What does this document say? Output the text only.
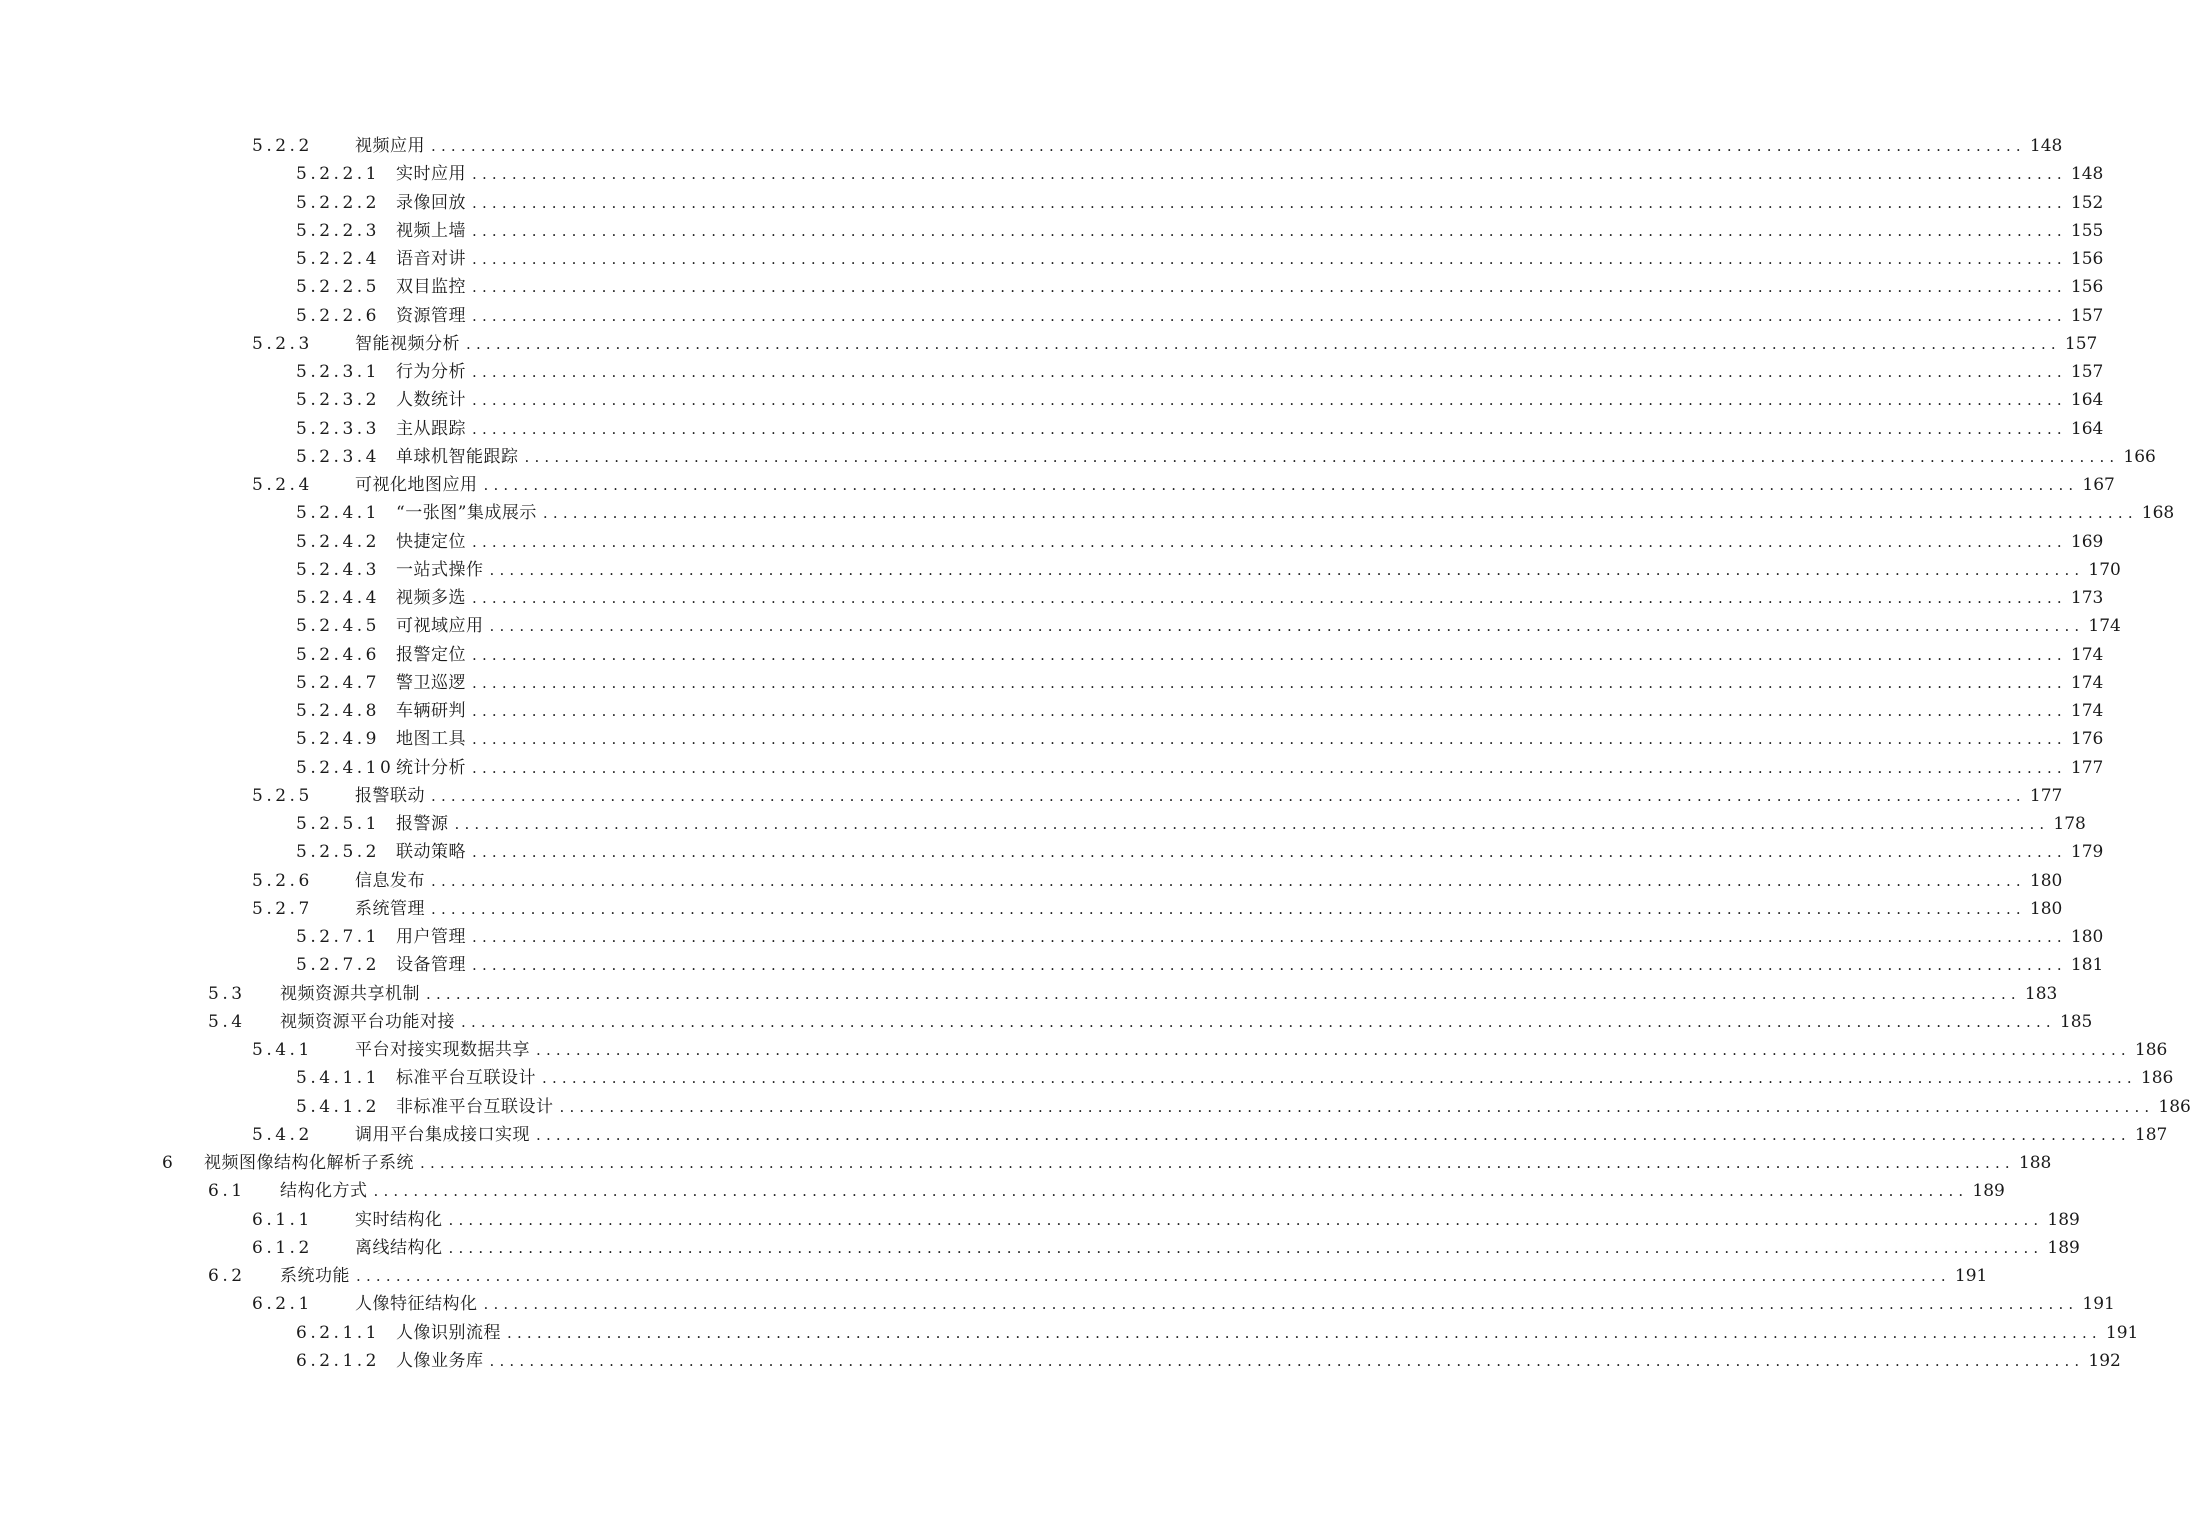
5.2.2 视频应用 ................................................................................................................................................................ 148
5.2.2.1 实时应用 ................................................................................................................................................................ 148
5.2.2.2 录像回放 ................................................................................................................................................................ 152
5.2.2.3 视频上墙 ................................................................................................................................................................ 155
5.2.2.4 语音对讲 ................................................................................................................................................................ 156
5.2.2.5 双目监控 ................................................................................................................................................................ 156
5.2.2.6 资源管理 ................................................................................................................................................................ 157
5.2.3 智能视频分析 ................................................................................................................................................................ 157
5.2.3.1 行为分析 ................................................................................................................................................................ 157
5.2.3.2 人数统计 ................................................................................................................................................................ 164
5.2.3.3 主从跟踪 ................................................................................................................................................................ 164
5.2.3.4 单球机智能跟踪 ................................................................................................................................................................ 166
5.2.4 可视化地图应用 ................................................................................................................................................................ 167
5.2.4.1 “一张图”集成展示 ................................................................................................................................................................ 168
5.2.4.2 快捷定位 ................................................................................................................................................................ 169
5.2.4.3 一站式操作 ................................................................................................................................................................ 170
5.2.4.4 视频多选 ................................................................................................................................................................ 173
5.2.4.5 可视域应用 ................................................................................................................................................................ 174
5.2.4.6 报警定位 ................................................................................................................................................................ 174
5.2.4.7 警卫巡逻 ................................................................................................................................................................ 174
5.2.4.8 车辆研判 ................................................................................................................................................................ 174
5.2.4.9 地图工具 ................................................................................................................................................................ 176
5.2.4.10 统计分析 ................................................................................................................................................................ 177
5.2.5 报警联动 ................................................................................................................................................................ 177
5.2.5.1 报警源 ................................................................................................................................................................ 178
5.2.5.2 联动策略 ................................................................................................................................................................ 179
5.2.6 信息发布 ................................................................................................................................................................ 180
5.2.7 系统管理 ................................................................................................................................................................ 180
5.2.7.1 用户管理 ................................................................................................................................................................ 180
5.2.7.2 设备管理 ................................................................................................................................................................ 181
5.3 视频资源共享机制 ................................................................................................................................................................ 183
5.4 视频资源平台功能对接 ................................................................................................................................................................ 185
5.4.1 平台对接实现数据共享 ................................................................................................................................................................ 186
5.4.1.1 标准平台互联设计 ................................................................................................................................................................ 186
5.4.1.2 非标准平台互联设计 ................................................................................................................................................................ 186
5.4.2 调用平台集成接口实现 ................................................................................................................................................................ 187
6 视频图像结构化解析子系统 ................................................................................................................................................................ 188
6.1 结构化方式 ................................................................................................................................................................ 189
6.1.1 实时结构化 ................................................................................................................................................................ 189
6.1.2 离线结构化 ................................................................................................................................................................ 189
6.2 系统功能 ................................................................................................................................................................ 191
6.2.1 人像特征结构化 ................................................................................................................................................................ 191
6.2.1.1 人像识别流程 ................................................................................................................................................................ 191
6.2.1.2 人像业务库 ................................................................................................................................................................ 192
